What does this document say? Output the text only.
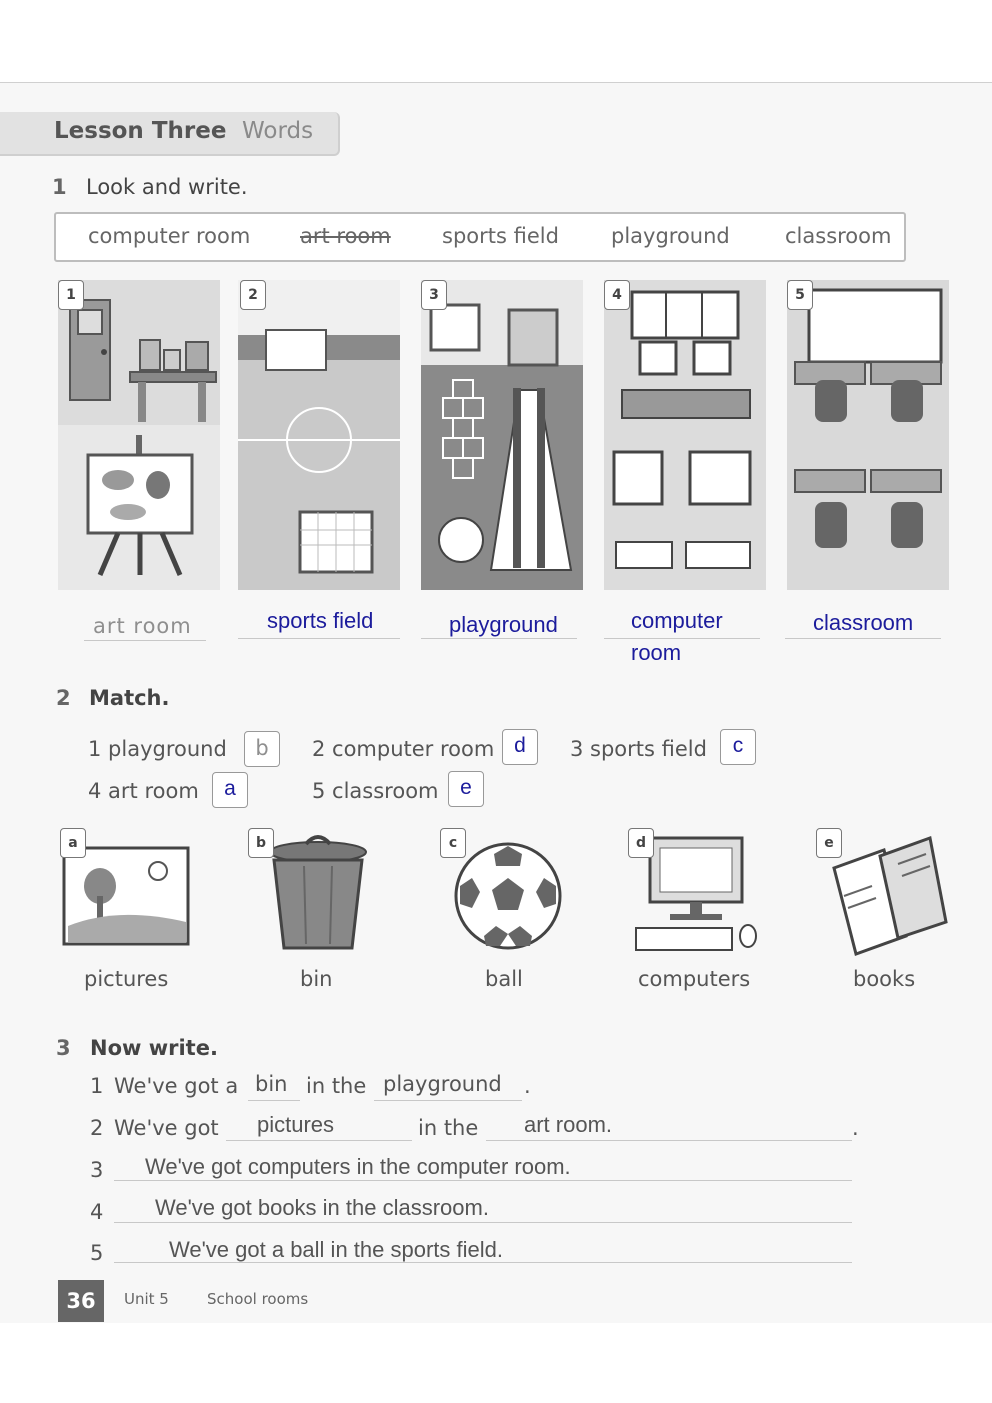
Lesson Three Words
1 Look and write.
computer room art room sports field playground	classroom
1	2	3	4	5
art room	sports field	playground	computer
room
classroom
2 Match.
1 playground	b	2 computer room d	3 sports field	c
4 art room	a	5 classroom	e
a	b	c	d	e
pictures	bin	ball	computers	books
3 Now write.
1 We've got a bin in the playground .
2 We've got pictures	in the art room.	.
3 We've got computers in the computer room.
4 We've got books in the classroom.
5	We've got a ball in the sports field.
36	Unit 5	School rooms
